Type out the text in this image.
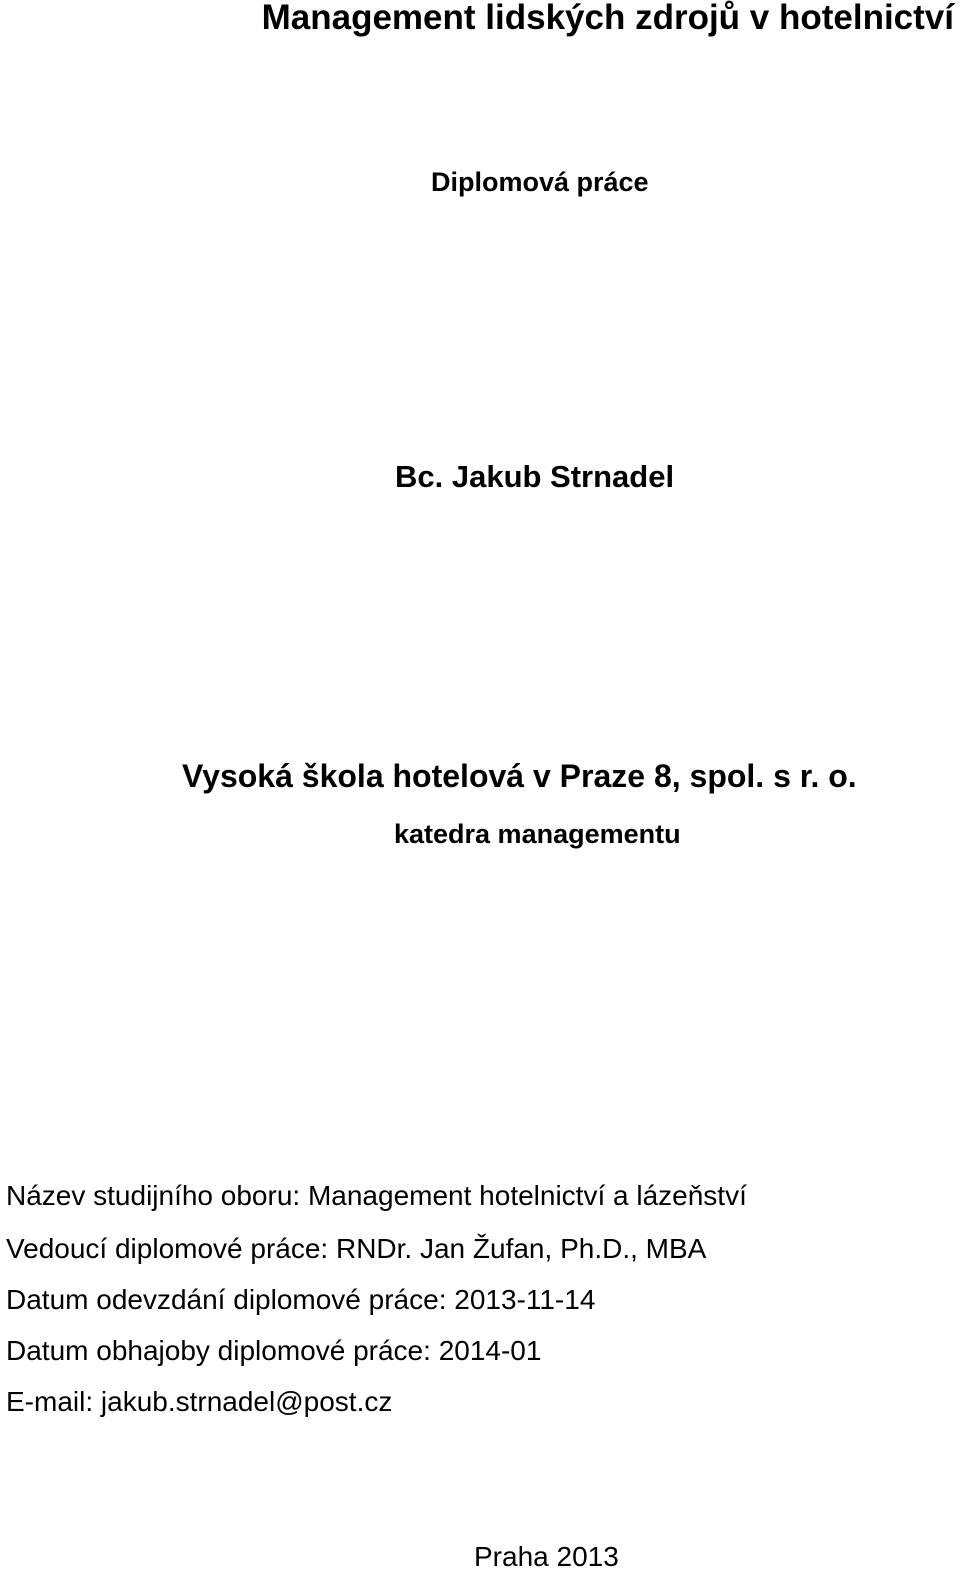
Management lidských zdrojů v hotelnictví
Diplomová práce
Bc. Jakub Strnadel
Vysoká škola hotelová v Praze 8, spol. s r. o.
katedra managementu
Název studijního oboru: Management hotelnictví a lázeňství
Vedoucí diplomové práce: RNDr. Jan Žufan, Ph.D., MBA
Datum odevzdání diplomové práce: 2013-11-14
Datum obhajoby diplomové práce: 2014-01
E-mail: jakub.strnadel@post.cz
Praha 2013
